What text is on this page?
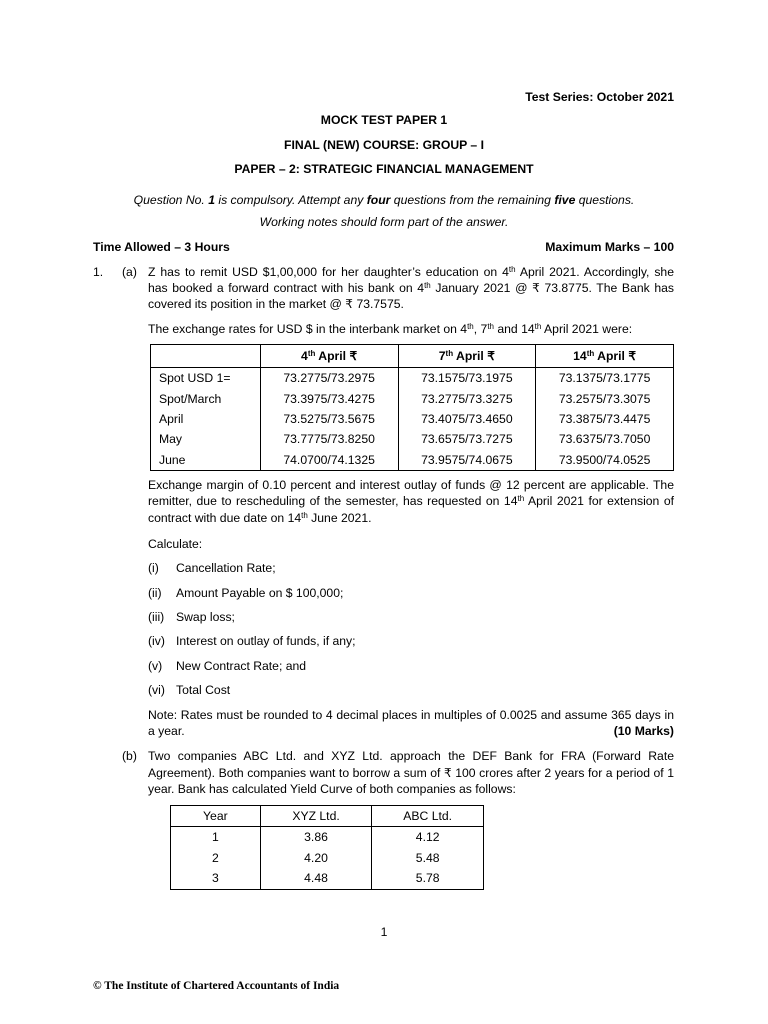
Test Series: October 2021
MOCK TEST PAPER 1
FINAL (NEW) COURSE: GROUP – I
PAPER – 2: STRATEGIC FINANCIAL MANAGEMENT
Question No. 1 is compulsory. Attempt any four questions from the remaining five questions.
Working notes should form part of the answer.
Time Allowed – 3 Hours	Maximum Marks – 100
1. (a) Z has to remit USD $1,00,000 for her daughter’s education on 4th April 2021. Accordingly, she
has booked a forward contract with his bank on 4th January 2021 @ ₹ 73.8775. The Bank has
covered its position in the market @ ₹ 73.7575.
The exchange rates for USD $ in the interbank market on 4th, 7th and 14th April 2021 were:
	4th April ₹	7th April ₹	14th April ₹
Spot USD 1=	73.2775/73.2975	73.1575/73.1975	73.1375/73.1775
Spot/March	73.3975/73.4275	73.2775/73.3275	73.2575/73.3075
April	73.5275/73.5675	73.4075/73.4650	73.3875/73.4475
May	73.7775/73.8250	73.6575/73.7275	73.6375/73.7050
June	74.0700/74.1325	73.9575/74.0675	73.9500/74.0525
Exchange margin of 0.10 percent and interest outlay of funds @ 12 percent are applicable. The
remitter, due to rescheduling of the semester, has requested on 14th April 2021 for extension of
contract with due date on 14th June 2021.
Calculate:
(i) Cancellation Rate;
(ii) Amount Payable on $ 100,000;
(iii) Swap loss;
(iv) Interest on outlay of funds, if any;
(v) New Contract Rate; and
(vi) Total Cost
Note: Rates must be rounded to 4 decimal places in multiples of 0.0025 and assume 365 days in
a year.	(10 Marks)
(b) Two companies ABC Ltd. and XYZ Ltd. approach the DEF Bank for FRA (Forward Rate
Agreement). Both companies want to borrow a sum of ₹ 100 crores after 2 years for a period of 1
year. Bank has calculated Yield Curve of both companies as follows:
Year	XYZ Ltd.	ABC Ltd.
1	3.86	4.12
2	4.20	5.48
3	4.48	5.78
1
© The Institute of Chartered Accountants of India
